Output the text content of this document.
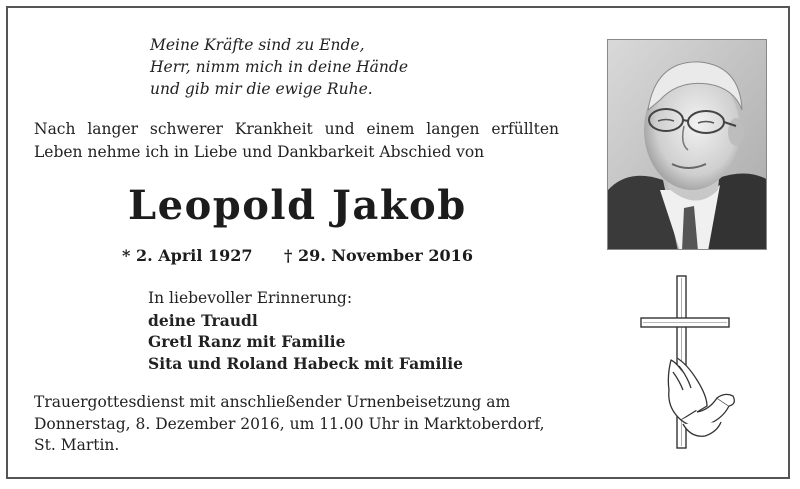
Meine Kräfte sind zu Ende,
Herr, nimm mich in deine Hände
und gib mir die ewige Ruhe.
Nach langer schwerer Krankheit und einem langen erfüllten Leben nehme ich in Liebe und Dankbarkeit Abschied von
Leopold Jakob
* 2. April 1927 † 29. November 2016
In liebevoller Erinnerung:
deine Traudl
Gretl Ranz mit Familie
Sita und Roland Habeck mit Familie
Trauergottesdienst mit anschließender Urnenbeisetzung am
Donnerstag, 8. Dezember 2016, um 11.00 Uhr in Marktoberdorf,
St. Martin.
